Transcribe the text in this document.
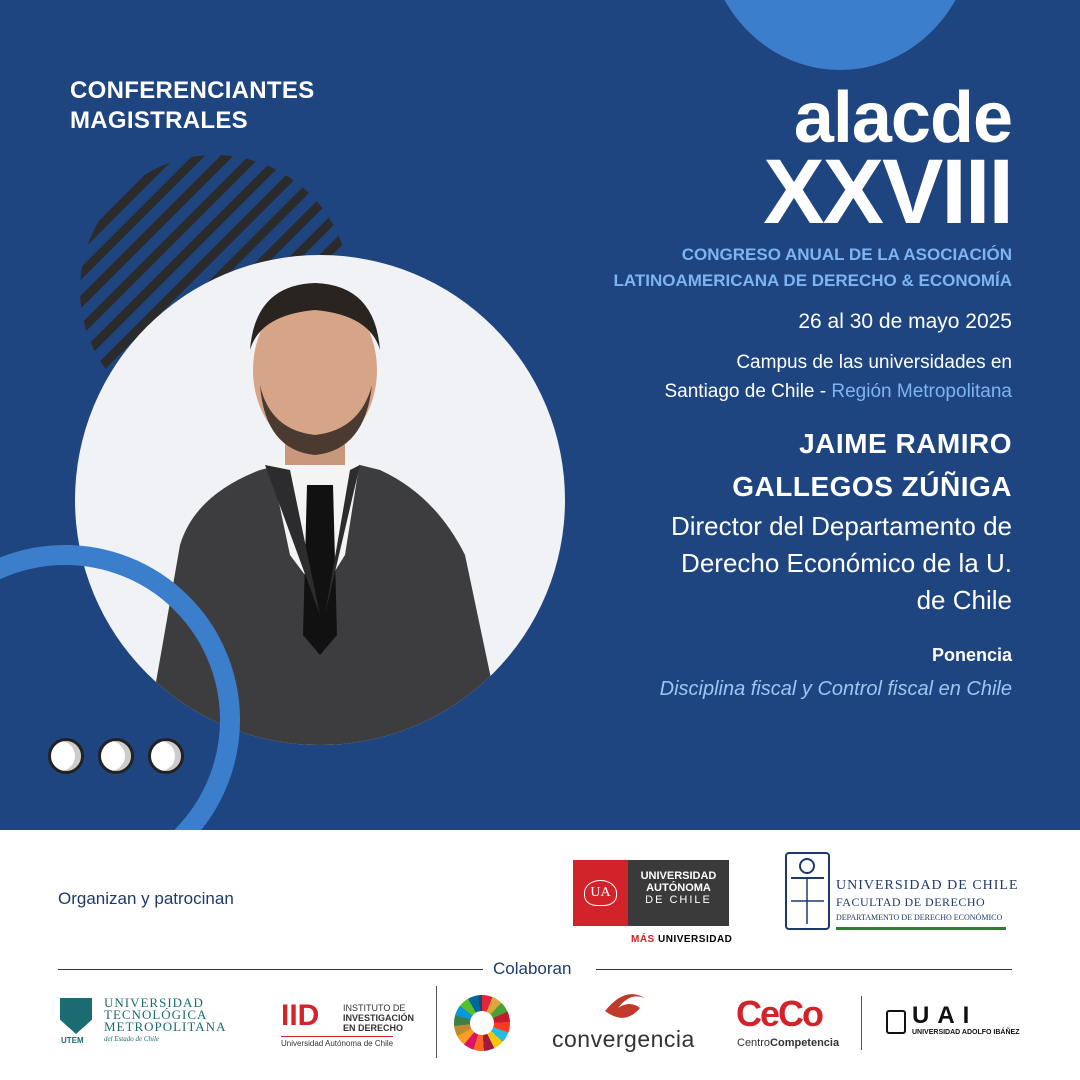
CONFERENCIANTES
MAGISTRALES	alacde
XXVIII
CONGRESO ANUAL DE LA ASOCIACIÓN
LATINOAMERICANA DE DERECHO & ECONOMÍA
26 al 30 de mayo 2025
Campus de las universidades en
Santiago de Chile - Región Metropolitana
JAIME RAMIRO
GALLEGOS ZÚÑIGA
Director del Departamento de
Derecho Económico de la U.
de Chile
Ponencia
Disciplina fiscal y Control fiscal en Chile
Organizan y patrocinan	UA
UNIVERSIDAD
AUTÓNOMA
DE CHILE
MÁS UNIVERSIDAD
UNIVERSIDAD DE CHILE
FACULTAD DE DERECHO
DEPARTAMENTO DE DERECHO ECONÓMICO
Colaboran
UTEM
UNIVERSIDAD
TECNOLÓGICA
METROPOLITANA
del Estado de Chile
IID	INSTITUTO DE
INVESTIGACIÓN
EN DERECHO
Universidad Autónoma de Chile	convergencia
CeCo
CentroCompetencia
UAI
UNIVERSIDAD ADOLFO IBÁÑEZ
